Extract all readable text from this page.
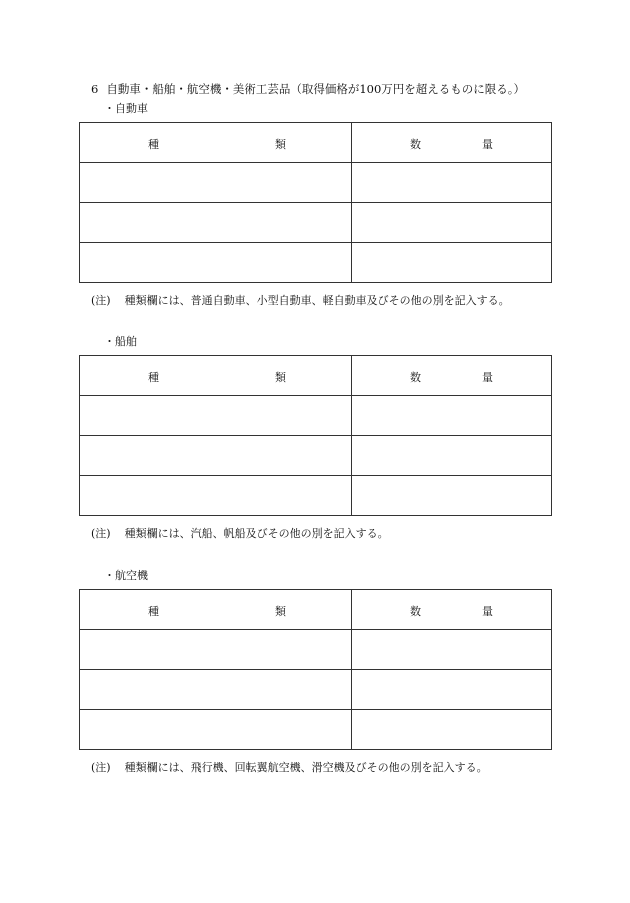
6 自動車・船舶・航空機・美術工芸品（取得価格が100万円を超えるものに限る。）
・自動車
種 類	数 量

(注) 種類欄には、普通自動車、小型自動車、軽自動車及びその他の別を記入する。
・船舶
種 類	数 量

(注) 種類欄には、汽船、帆船及びその他の別を記入する。
・航空機
種 類	数 量

(注) 種類欄には、飛行機、回転翼航空機、滑空機及びその他の別を記入する。
